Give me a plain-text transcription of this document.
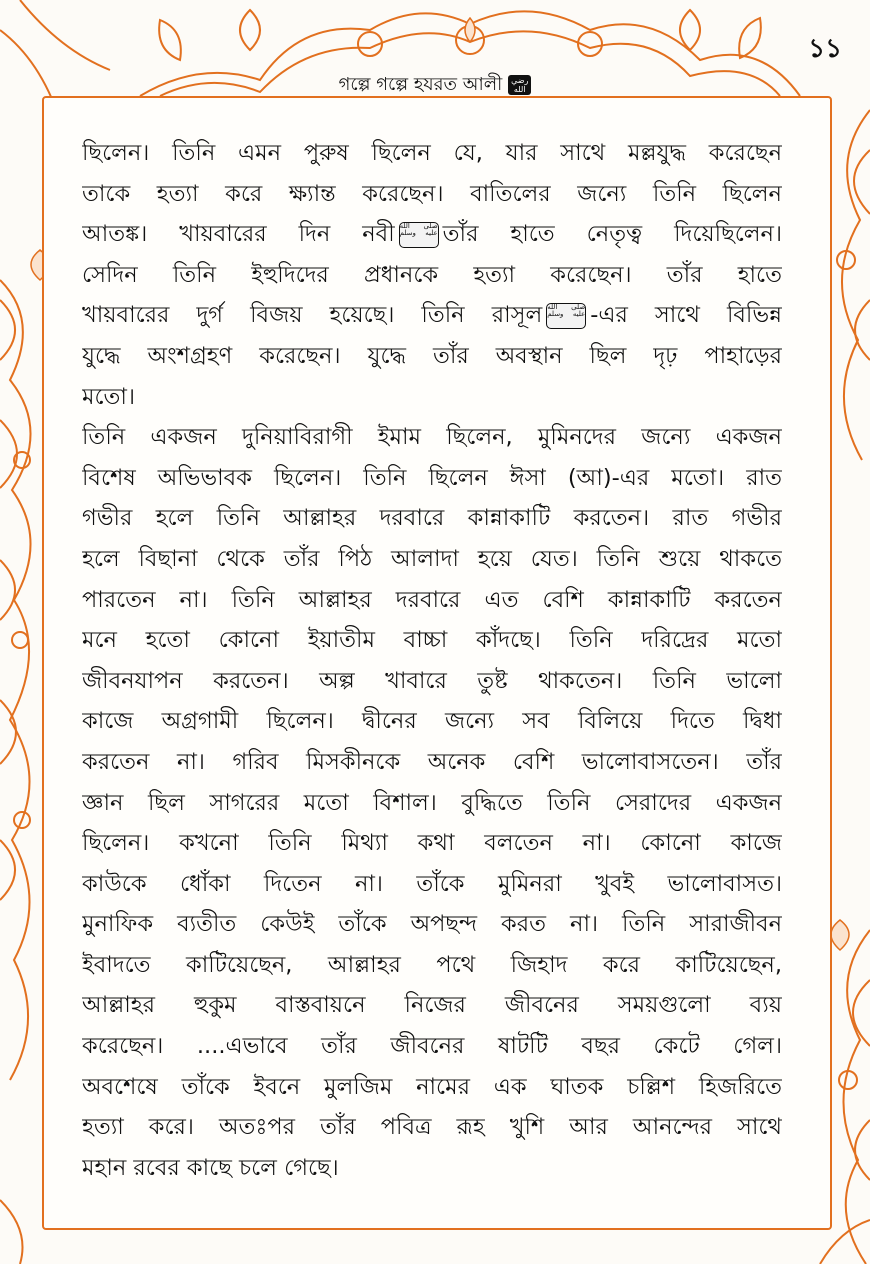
১১
গল্পে গল্পে হযরত আলী رضي
الله
ছিলেন। তিনি এমন পুরুষ ছিলেন যে, যার সাথে মল্লযুদ্ধ করেছেন
তাকে হত্যা করে ক্ষ্যান্ত করেছেন। বাতিলের জন্যে তিনি ছিলেন
আতঙ্ক। খায়বারের দিন নবী صلى الله
عليه وسلم তাঁর হাতে নেতৃত্ব দিয়েছিলেন।
সেদিন তিনি ইহুদিদের প্রধানকে হত্যা করেছেন। তাঁর হাতে
খায়বারের দুর্গ বিজয় হয়েছে। তিনি রাসূল صلى الله
عليه وسلم -এর সাথে বিভিন্ন
যুদ্ধে অংশগ্রহণ করেছেন। যুদ্ধে তাঁর অবস্থান ছিল দৃঢ় পাহাড়ের
মতো।
তিনি একজন দুনিয়াবিরাগী ইমাম ছিলেন, মুমিনদের জন্যে একজন
বিশেষ অভিভাবক ছিলেন। তিনি ছিলেন ঈসা (আ)-এর মতো। রাত
গভীর হলে তিনি আল্লাহর দরবারে কান্নাকাটি করতেন। রাত গভীর
হলে বিছানা থেকে তাঁর পিঠ আলাদা হয়ে যেত। তিনি শুয়ে থাকতে
পারতেন না। তিনি আল্লাহর দরবারে এত বেশি কান্নাকাটি করতেন
মনে হতো কোনো ইয়াতীম বাচ্চা কাঁদছে। তিনি দরিদ্রের মতো
জীবনযাপন করতেন। অল্প খাবারে তুষ্ট থাকতেন। তিনি ভালো
কাজে অগ্রগামী ছিলেন। দ্বীনের জন্যে সব বিলিয়ে দিতে দ্বিধা
করতেন না। গরিব মিসকীনকে অনেক বেশি ভালোবাসতেন। তাঁর
জ্ঞান ছিল সাগরের মতো বিশাল। বুদ্ধিতে তিনি সেরাদের একজন
ছিলেন। কখনো তিনি মিথ্যা কথা বলতেন না। কোনো কাজে
কাউকে ধোঁকা দিতেন না। তাঁকে মুমিনরা খুবই ভালোবাসত।
মুনাফিক ব্যতীত কেউই তাঁকে অপছন্দ করত না। তিনি সারাজীবন
ইবাদতে কাটিয়েছেন, আল্লাহর পথে জিহাদ করে কাটিয়েছেন,
আল্লাহর হুকুম বাস্তবায়নে নিজের জীবনের সময়গুলো ব্যয়
করেছেন। ....এভাবে তাঁর জীবনের ষাটটি বছর কেটে গেল।
অবশেষে তাঁকে ইবনে মুলজিম নামের এক ঘাতক চল্লিশ হিজরিতে
হত্যা করে। অতঃপর তাঁর পবিত্র রূহ খুশি আর আনন্দের সাথে
মহান রবের কাছে চলে গেছে।
